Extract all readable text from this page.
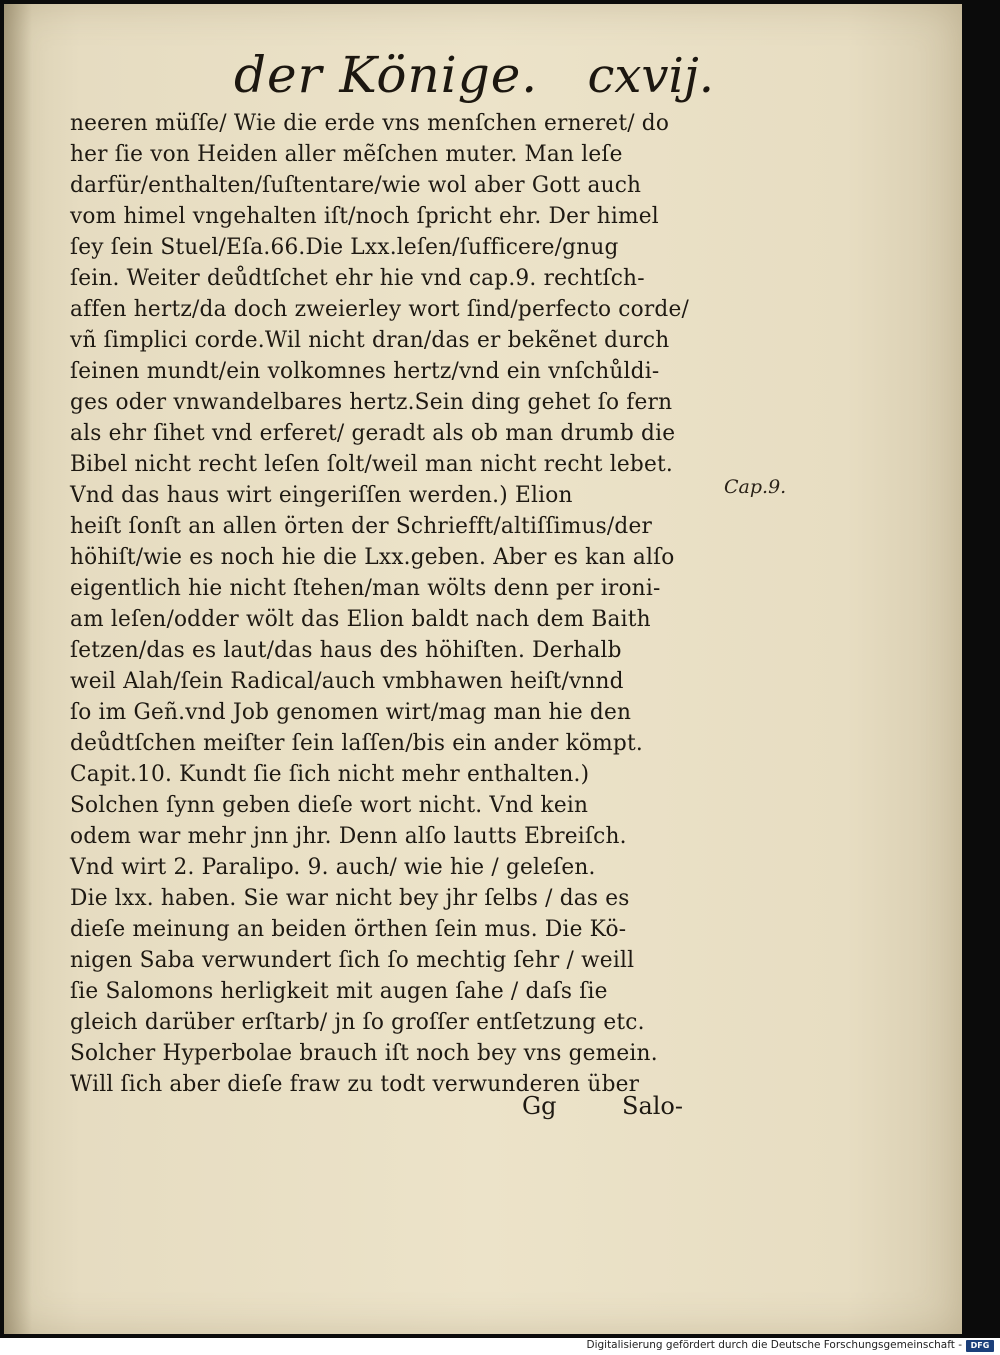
der Könige. cxvij.
neeren müſſe/ Wie die erde vns menſchen erneret/ do
her ſie von Heiden aller mẽſchen muter. Man leſe
darfür/enthalten/ſuſtentare/wie wol aber Gott auch
vom himel vngehalten iſt/noch ſpricht ehr. Der himel
ſey ſein Stuel/Eſa.66.Die Lxx.leſen/ſufficere/gnug
ſein. Weiter deůdtſchet ehr hie vnd cap.9. rechtſch-
affen hertz/da doch zweierley wort ſind/perfecto corde/
vñ ſimplici corde.Wil nicht dran/das er bekẽnet durch
ſeinen mundt/ein volkomnes hertz/vnd ein vnſchůldi-
ges oder vnwandelbares hertz.Sein ding gehet ſo fern
als ehr ſihet vnd erferet/ geradt als ob man drumb die
Bibel nicht recht leſen ſolt/weil man nicht recht lebet.
Vnd das haus wirt eingeriſſen werden.) Elion
heiſt ſonſt an allen örten der Schriefft/altiſſimus/der
höhiſt/wie es noch hie die Lxx.geben. Aber es kan alſo
eigentlich hie nicht ſtehen/man wölts denn per ironi-
am leſen/odder wölt das Elion baldt nach dem Baith
ſetzen/das es laut/das haus des höhiſten. Derhalb
weil Alah/ſein Radical/auch vmbhawen heiſt/vnnd
ſo im Geñ.vnd Job genomen wirt/mag man hie den
deůdtſchen meiſter ſein laſſen/bis ein ander kömpt.
Capit.10. Kundt ſie ſich nicht mehr enthalten.)
Solchen ſynn geben dieſe wort nicht. Vnd kein
odem war mehr jnn jhr. Denn alſo lautts Ebreiſch.
Vnd wirt 2. Paralipo. 9. auch/ wie hie / geleſen.
Die lxx. haben. Sie war nicht bey jhr ſelbs / das es
dieſe meinung an beiden örthen ſein mus. Die Kö-
nigen Saba verwundert ſich ſo mechtig ſehr / weill
ſie Salomons herligkeit mit augen ſahe / daſs ſie
gleich darüber erſtarb/ jn ſo groſſer entſetzung etc.
Solcher Hyperbolae brauch iſt noch bey vns gemein.
Will ſich aber dieſe fraw zu todt verwunderen über
Cap.9.
Gg	Salo-
Digitalisierung gefördert durch die Deutsche Forschungsgemeinschaft -	DFG
